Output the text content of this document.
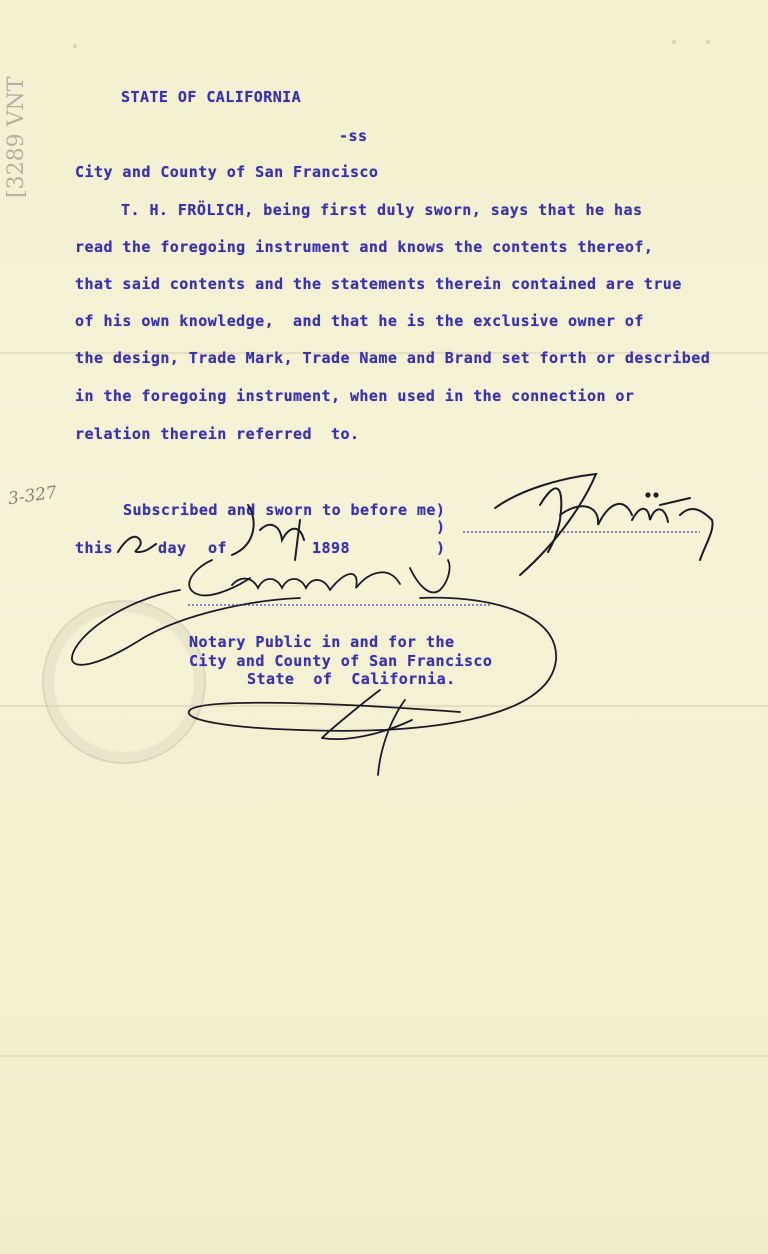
[3289 VNT	STATE OF CALIFORNIA
-ss
City and County of San Francisco
T. H. FRÖLICH, being first duly sworn, says that he has
read the foregoing instrument and knows the contents thereof,
that said contents and the statements therein contained are true
of his own knowledge,  and that he is the exclusive owner of
the design, Trade Mark, Trade Name and Brand set forth or described
in the foregoing instrument, when used in the connection or
relation therein referred  to.
3-327
Subscribed and sworn to before me)
)
this	day of	1898	)
Notary Public in and for the
City and County of San Francisco
State  of  California.
